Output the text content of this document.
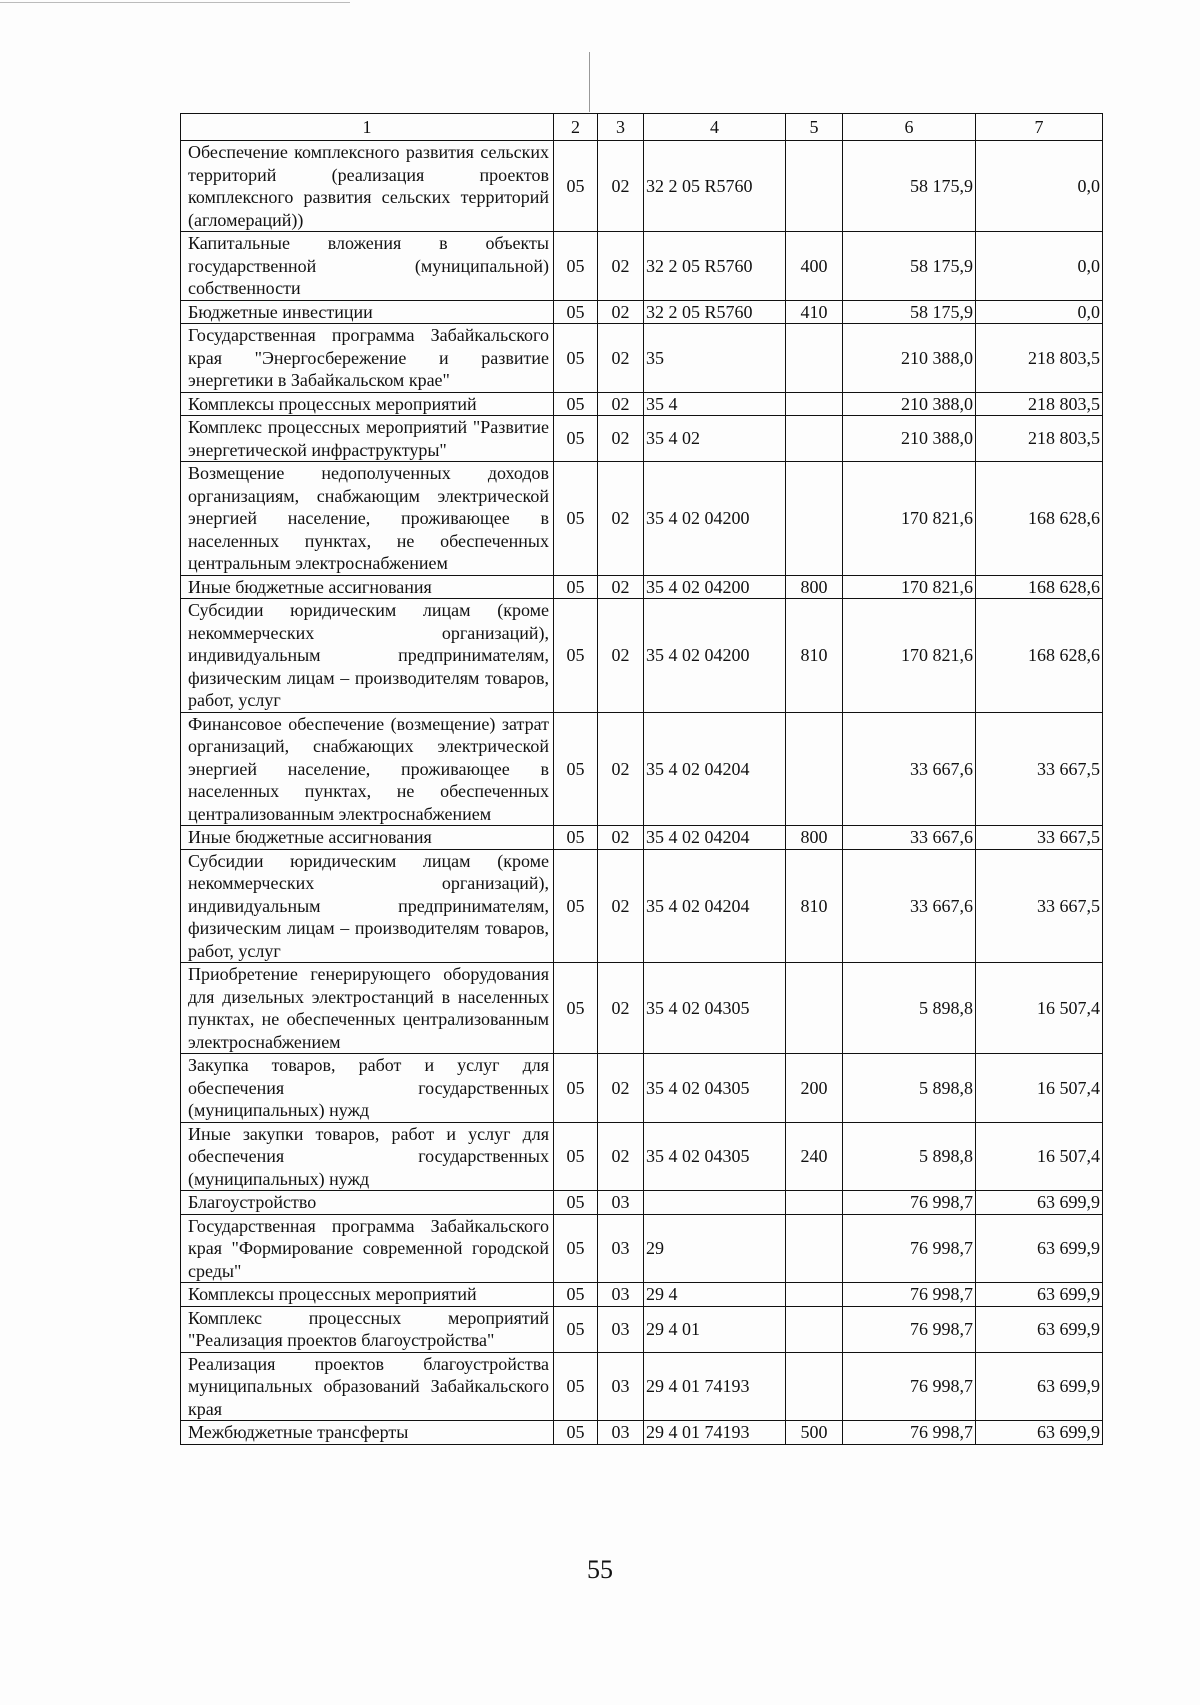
1	2	3	4	5	6	7
Обеспечение комплексного развития сельских территорий (реализация проектов комплексного развития сельских территорий (агломераций))	05	02	32 2 05 R5760		58 175,9	0,0
Капитальные вложения в объекты государственной (муниципальной) собственности	05	02	32 2 05 R5760	400	58 175,9	0,0
Бюджетные инвестиции	05	02	32 2 05 R5760	410	58 175,9	0,0
Государственная программа Забайкальского края "Энергосбережение и развитие энергетики в Забайкальском крае"	05	02	35		210 388,0	218 803,5
Комплексы процессных мероприятий	05	02	35 4		210 388,0	218 803,5
Комплекс процессных мероприятий "Развитие энергетической инфраструктуры"	05	02	35 4 02		210 388,0	218 803,5
Возмещение недополученных доходов организациям, снабжающим электрической энергией население, проживающее в населенных пунктах, не обеспеченных центральным электроснабжением	05	02	35 4 02 04200		170 821,6	168 628,6
Иные бюджетные ассигнования	05	02	35 4 02 04200	800	170 821,6	168 628,6
Субсидии юридическим лицам (кроме некоммерческих организаций), индивидуальным предпринимателям, физическим лицам – производителям товаров, работ, услуг	05	02	35 4 02 04200	810	170 821,6	168 628,6
Финансовое обеспечение (возмещение) затрат организаций, снабжающих электрической энергией население, проживающее в населенных пунктах, не обеспеченных централизованным электроснабжением	05	02	35 4 02 04204		33 667,6	33 667,5
Иные бюджетные ассигнования	05	02	35 4 02 04204	800	33 667,6	33 667,5
Субсидии юридическим лицам (кроме некоммерческих организаций), индивидуальным предпринимателям, физическим лицам – производителям товаров, работ, услуг	05	02	35 4 02 04204	810	33 667,6	33 667,5
Приобретение генерирующего оборудования для дизельных электростанций в населенных пунктах, не обеспеченных централизованным электроснабжением	05	02	35 4 02 04305		5 898,8	16 507,4
Закупка товаров, работ и услуг для обеспечения государственных (муниципальных) нужд	05	02	35 4 02 04305	200	5 898,8	16 507,4
Иные закупки товаров, работ и услуг для обеспечения государственных (муниципальных) нужд	05	02	35 4 02 04305	240	5 898,8	16 507,4
Благоустройство	05	03			76 998,7	63 699,9
Государственная программа Забайкальского края "Формирование современной городской среды"	05	03	29		76 998,7	63 699,9
Комплексы процессных мероприятий	05	03	29 4		76 998,7	63 699,9
Комплекс процессных мероприятий "Реализация проектов благоустройства"	05	03	29 4 01		76 998,7	63 699,9
Реализация проектов благоустройства муниципальных образований Забайкальского края	05	03	29 4 01 74193		76 998,7	63 699,9
Межбюджетные трансферты	05	03	29 4 01 74193	500	76 998,7	63 699,9
55
